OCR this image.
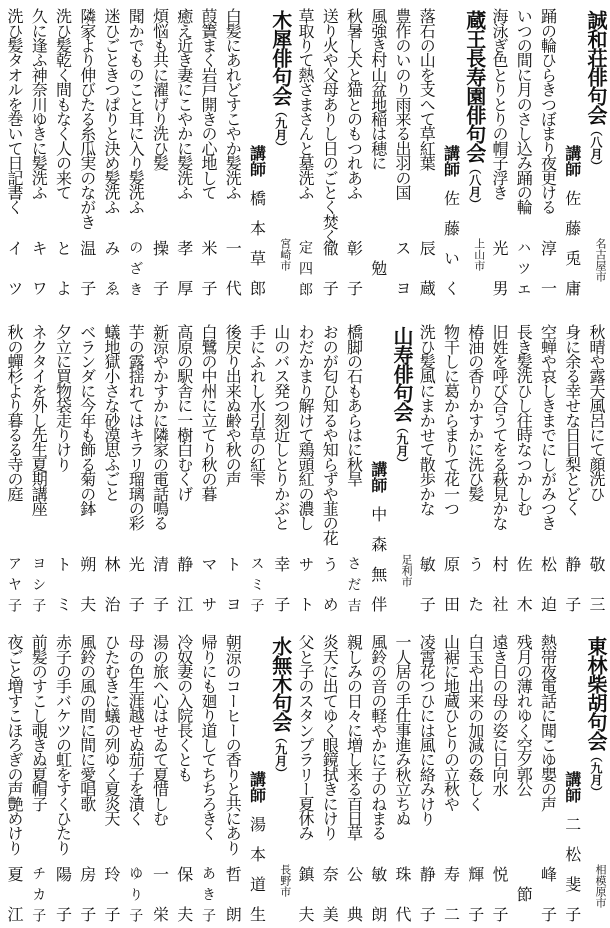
誠和荘俳句会（八月）
名古屋市
講師
佐藤兎庸
踊の輪ひらきつぼまり夜更ける
淳一
いつの間に月のさし込み踊の輪
ハツエ
海泳ぎ色とりとりの帽子浮き
光男
蔵王長寿園俳句会（八月）
上山市
講師
佐藤いく
落石の山を支へて草紅葉
辰蔵
豊作のいのり雨来る出羽の国
スヨ
風強き村山盆地稲は穂に
勉
秋暑し犬と猫とのもつれあふ
彰子
送り火や父母ありし日のごとく焚く
徹子
草取りて熱さまさんと墓洗ふ
定四郎
木犀俳句会（九月）
宮崎市
講師
橋本草郎
白髪にあれどすこやか髪洗ふ
一代
葭簀まく岩戸開きの心地して
米子
癒え近き妻にこやかに髪洗ふ
孝厚
煩悩も共に濯げり洗ひ髪
操子
聞かでものこと耳に入り髪洗ふ
のざき
迷ひごときつぱりと決め髪洗ふ
みゑ
隣家より伸びたる糸瓜実のながき
温子
洗ひ髪乾く間もなく人の来て
とよ
久に逢ふ神奈川ゆきに髪洗ふ
キワ
洗ひ髪タオルを巻いて日記書く
イツ
秋晴や露天風呂にて顔洗ひ
敬三
身に余る幸せな日日梨とどく
静子
空蝉や哀しきまでにしがみつき
松迫
長き髪洗ひし往時なつかしむ
佐木
旧姓を呼び合うてをる萩見かな
村社
椿油の香りかすかに洗ひ髪
うた
物干しに葛からまりて花一つ
原田
洗ひ髪風にまかせて散歩かな
敏子
山寿俳句会（九月）
足利市
講師
中森無伴
橋脚の石もあらはに秋旱
さだ吉
おのが匂ひ知るや知らずや韮の花
うめ
わだかまり解けて鶏頭紅の濃し
サト
山のバス発つ刻近しとりかぶと
幸子
手にふれし水引草の紅雫
スミ子
後戻り出来ぬ齢や秋の声
トヨ
白鷺の中州に立てり秋の暮
マサ
高原の駅舎に一樹白むくげ
静江
新涼やかすかに隣家の電話鳴る
清子
芋の露揺れてはキラリ瑠璃の彩
光子
蟻地獄小さな砂漠思ふごと
林治
ベランダに今年も飾る菊の鉢
朔夫
夕立に買物袋走りけり
トミ
ネクタイを外し先生夏期講座
ヨシ子
秋の蟬杉より暮るる寺の庭
アヤ子
東林柴胡句会（九月）
相模原市
講師
二松斐子
熱帯夜電話に聞こゆ嬰の声
峰子
残月の薄れゆく空夕郭公
節
遠き日の母の姿に日向水
悦子
白玉や出来の加減の姦しく
輝子
山裾に地蔵ひとりの立秋や
寿二
凌霄花つひには風に絡みけり
静子
一人居の手仕事進み秋立ちぬ
珠代
風鈴の音の軽やかに子のねまる
敏朗
親しみの日々に増し来る百日草
公典
炎天に出てゆく眼鏡拭きにけり
奈美
父と子のスタンプラリー夏休み
鎮夫
水無木句会（九月）
長野市
講師
湯本道生
朝涼のコーヒーの香りと共にあり
哲朗
帰りにも廻り道してちちろきく
あき子
冷奴妻の入院長くとも
保夫
湯の旅へ心はせゐて夏惜しむ
一栄
母の色生涯越せぬ茄子を漬く
ゆり子
ひたむきに蟻の列ゆく夏炎天
玲子
風鈴の風の間に間に愛唱歌
房子
赤子の手バケツの虹をすくひたり
陽子
前髪のすこし覗きぬ夏帽子
チカ子
夜ごと増すこほろぎの声艶めけり
夏江
